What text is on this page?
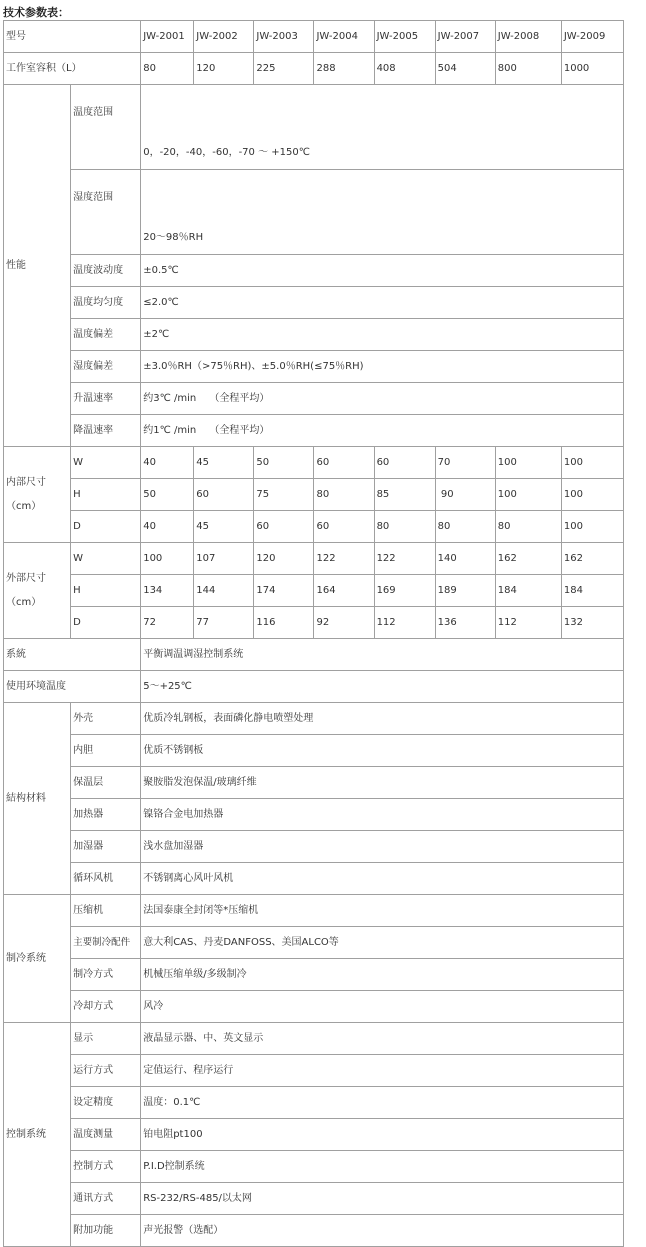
技术参数表：
型号		JW-2001	JW-2002	JW-2003	JW-2004	JW-2005	JW-2007	JW-2008	JW-2009
工作室容积（L）		80	120	225	288	408	504	800	1000
性能	温度范围	0，-20，-40，-60，-70 ～ +150℃							
	湿度范围	20～98％RH							
	温度波动度	±0.5℃							
	温度均匀度	≤2.0℃							
	温度偏差	±2℃							
	湿度偏差	±3.0％RH（>75％RH)、±5.0％RH(≤75％RH)							
	升温速率	约3℃ /min　 （全程平均）							
	降温速率	约1℃ /min　 （全程平均）							

内部尺寸
（cm）	W	40	45	50	60	60	70	100	100
	H	50	60	75	80	85	90	100	100
	D	40	45	60	60	80	80	80	100

外部尺寸
（cm）	W	100	107	120	122	122	140	162	162
	H	134	144	174	164	169	189	184	184
	D	72	77	116	92	112	136	112	132
系統		平衡调温调湿控制系统							
使用环境温度		5～+25℃							
結构材料	外壳	优质冷轧钢板，表面磷化静电喷塑处理							
	内胆	优质不锈钢板							
	保温层	聚胺脂发泡保温/玻璃纤维							
	加热器	镍铬合金电加热器							
	加湿器	浅水盘加湿器							
	循环风机	不锈钢离心风叶风机							
制冷系统	压缩机	法国泰康全封闭等*压缩机							
	主要制冷配件	意大利CAS、丹麦DANFOSS、美国ALCO等							
	制冷方式	机械压缩单级/多级制冷							
	冷却方式	风冷							
控制系统	显示	液晶显示器、中、英文显示							
	运行方式	定值运行、程序运行							
	设定精度	温度：0.1℃							
	温度测量	铂电阻pt100							
	控制方式	P.I.D控制系统							
	通讯方式	RS-232/RS-485/以太网							
	附加功能	声光报警（选配）							
